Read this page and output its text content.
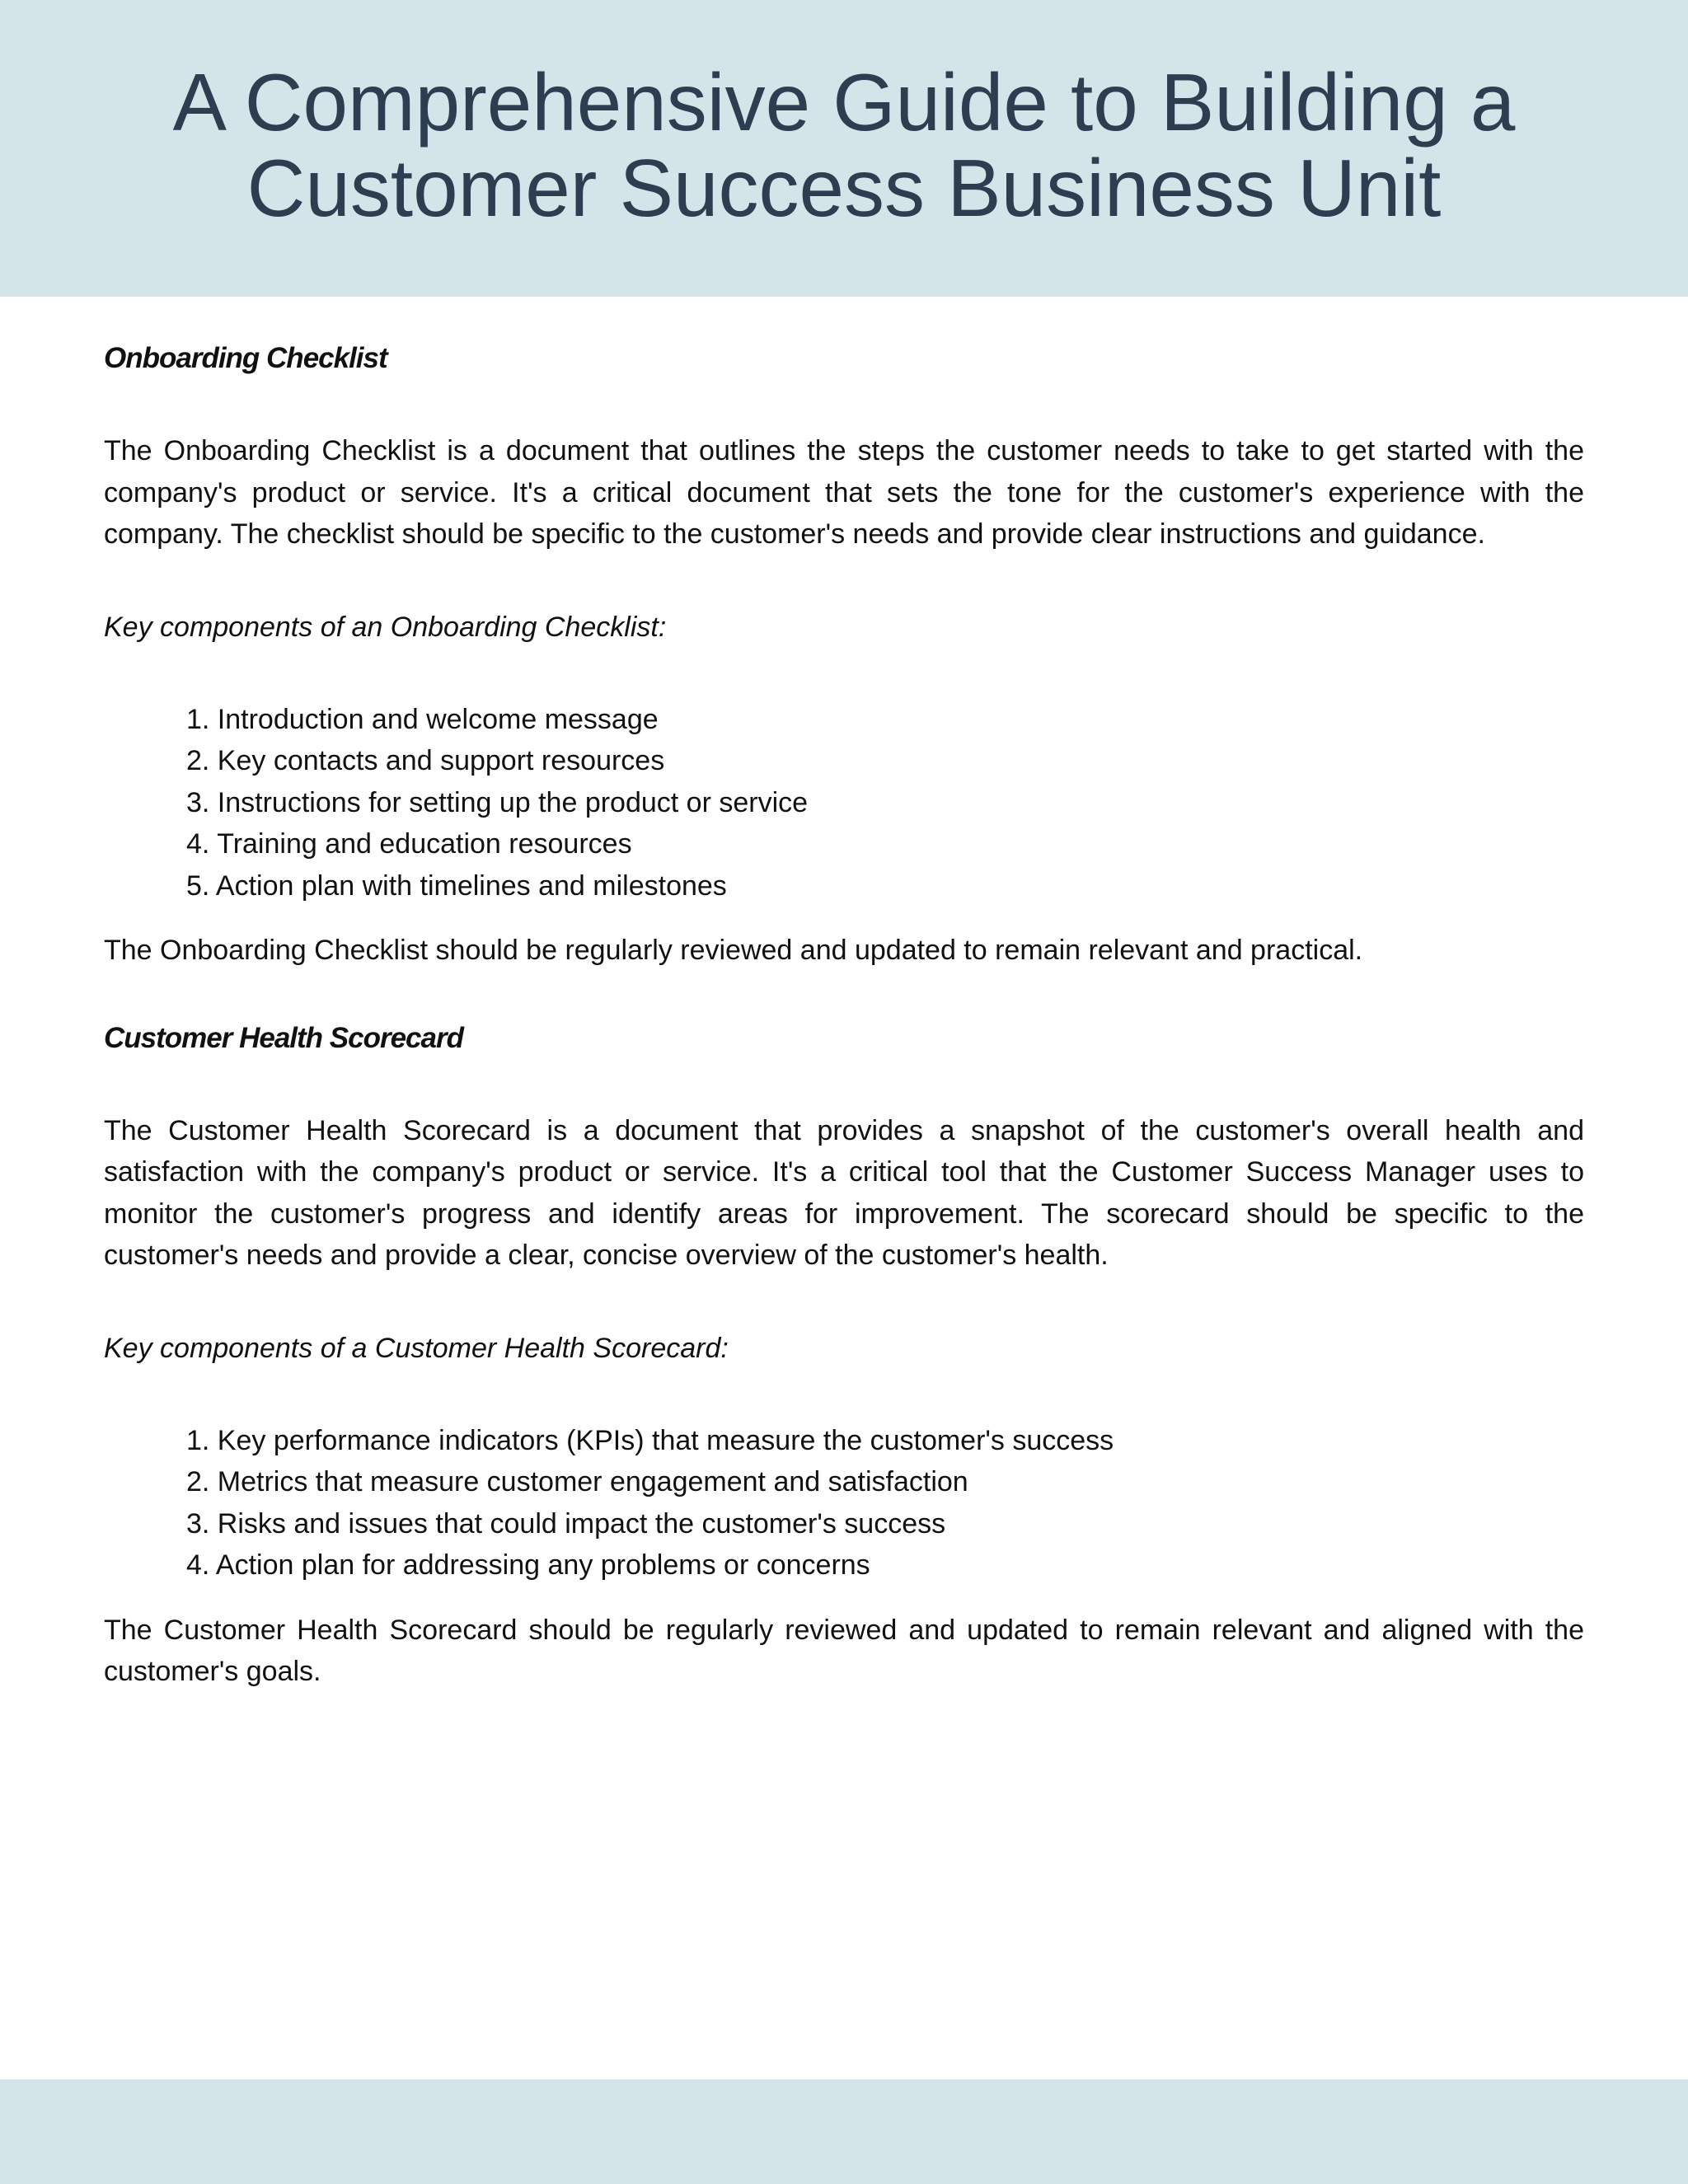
A Comprehensive Guide to Building a
Customer Success Business Unit
Onboarding Checklist

The Onboarding Checklist is a document that outlines the steps the customer needs to take to get started with the company's product or service. It's a critical document that sets the tone for the customer's experience with the company. The checklist should be specific to the customer's needs and provide clear instructions and guidance.

Key components of an Onboarding Checklist:

1. Introduction and welcome message
2. Key contacts and support resources
3. Instructions for setting up the product or service
4. Training and education resources
5. Action plan with timelines and milestones

The Onboarding Checklist should be regularly reviewed and updated to remain relevant and practical.

Customer Health Scorecard

The Customer Health Scorecard is a document that provides a snapshot of the customer's overall health and satisfaction with the company's product or service. It's a critical tool that the Customer Success Manager uses to monitor the customer's progress and identify areas for improvement. The scorecard should be specific to the customer's needs and provide a clear, concise overview of the customer's health.

Key components of a Customer Health Scorecard:

1. Key performance indicators (KPIs) that measure the customer's success
2. Metrics that measure customer engagement and satisfaction
3. Risks and issues that could impact the customer's success
4. Action plan for addressing any problems or concerns

The Customer Health Scorecard should be regularly reviewed and updated to remain relevant and aligned with the customer's goals.
